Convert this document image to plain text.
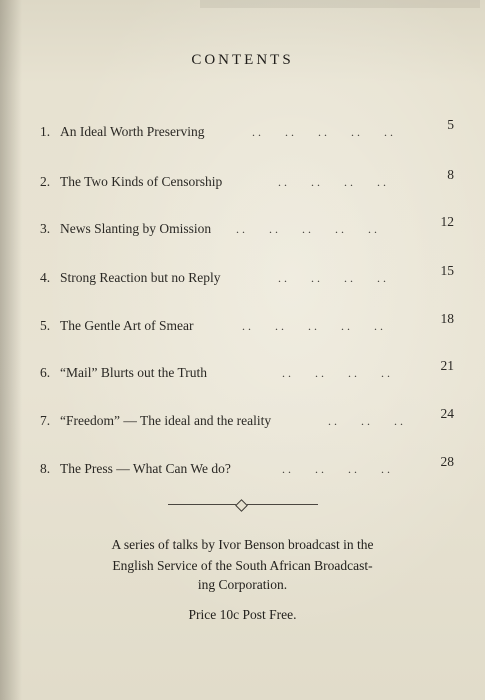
CONTENTS
1. An Ideal Worth Preserving	. .        . .        . .        . .        . .	5
2. The Two Kinds of Censorship	. .        . .        . .        . .	8
3. News Slanting by Omission . .        . .        . .        . .        . .	12
4. Strong Reaction but no Reply	. .        . .        . .        . .	15
5. The Gentle Art of Smear	. .        . .        . .        . .        . .	18
6. “Mail” Blurts out the Truth	. .        . .        . .        . .	21
7. “Freedom” — The ideal and the reality	. .        . .        . .	24
8. The Press — What Can We do?	. .        . .        . .        . .	28
A series of talks by Ivor Benson broadcast in the
English Service of the South African Broadcast-
ing Corporation.
Price 10c Post Free.
